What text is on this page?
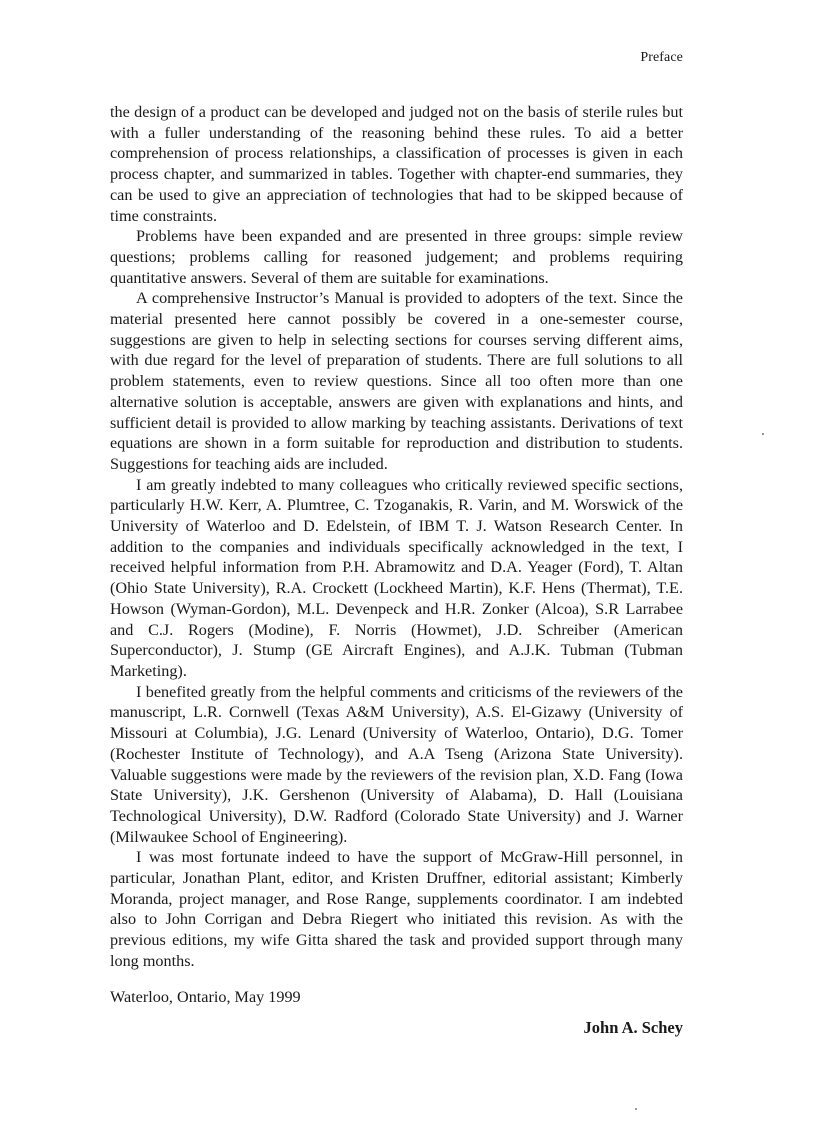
Preface

the design of a product can be developed and judged not on the basis of sterile rules but with a fuller understanding of the reasoning behind these rules. To aid a better comprehension of process relationships, a classification of processes is given in each process chapter, and summarized in tables. Together with chapter-end summaries, they can be used to give an appreciation of technologies that had to be skipped because of time constraints.

Problems have been expanded and are presented in three groups: simple review questions; problems calling for reasoned judgement; and problems requiring quantitative answers. Several of them are suitable for examinations.

A comprehensive Instructor’s Manual is provided to adopters of the text. Since the material presented here cannot possibly be covered in a one-semester course, suggestions are given to help in selecting sections for courses serving different aims, with due regard for the level of preparation of students. There are full solutions to all problem statements, even to review questions. Since all too often more than one alternative solution is acceptable, answers are given with explanations and hints, and sufficient detail is provided to allow marking by teaching assistants. Derivations of text equations are shown in a form suitable for reproduction and distribution to students. Suggestions for teaching aids are included.

I am greatly indebted to many colleagues who critically reviewed specific sections, particularly H.W. Kerr, A. Plumtree, C. Tzoganakis, R. Varin, and M. Worswick of the University of Waterloo and D. Edelstein, of IBM T. J. Watson Research Center. In addition to the companies and individuals specifically acknowledged in the text, I received helpful information from P.H. Abramowitz and D.A. Yeager (Ford), T. Altan (Ohio State University), R.A. Crockett (Lockheed Martin), K.F. Hens (Thermat), T.E. Howson (Wyman-Gordon), M.L. Devenpeck and H.R. Zonker (Alcoa), S.R Larrabee and C.J. Rogers (Modine), F. Norris (Howmet), J.D. Schreiber (American Superconductor), J. Stump (GE Aircraft Engines), and A.J.K. Tubman (Tubman Marketing).

I benefited greatly from the helpful comments and criticisms of the reviewers of the manuscript, L.R. Cornwell (Texas A&M University), A.S. El-Gizawy (University of Missouri at Columbia), J.G. Lenard (University of Waterloo, Ontario), D.G. Tomer (Rochester Institute of Technology), and A.A Tseng (Arizona State University). Valuable suggestions were made by the reviewers of the revision plan, X.D. Fang (Iowa State University), J.K. Gershenon (University of Alabama), D. Hall (Louisiana Technological University), D.W. Radford (Colorado State University) and J. Warner (Milwaukee School of Engineering).

I was most fortunate indeed to have the support of McGraw-Hill personnel, in particular, Jonathan Plant, editor, and Kristen Druffner, editorial assistant; Kimberly Moranda, project manager, and Rose Range, supplements coordinator. I am indebted also to John Corrigan and Debra Riegert who initiated this revision. As with the previous editions, my wife Gitta shared the task and provided support through many long months.

Waterloo, Ontario, May 1999
John A. Schey
